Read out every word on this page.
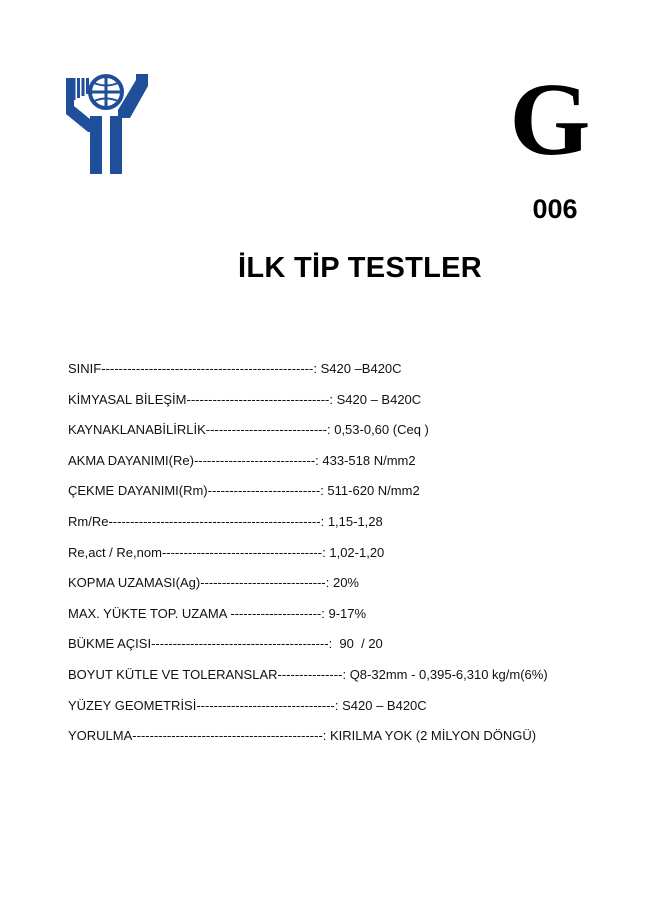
G
006
İLK TİP TESTLER
SINIF-------------------------------------------------: S420 –B420C
KİMYASAL BİLEŞİM---------------------------------: S420 – B420C
KAYNAKLANABİLİRLİK----------------------------: 0,53-0,60 (Ceq )
AKMA DAYANIMI(Re)----------------------------: 433-518 N/mm2
ÇEKME DAYANIMI(Rm)--------------------------: 511-620 N/mm2
Rm/Re-------------------------------------------------: 1,15-1,28
Re,act / Re,nom-------------------------------------: 1,02-1,20
KOPMA UZAMASI(Ag)-----------------------------: 20%
MAX. YÜKTE TOP. UZAMA ---------------------: 9-17%
BÜKME AÇISI-----------------------------------------:  90  / 20
BOYUT KÜTLE VE TOLERANSLAR---------------: Q8-32mm - 0,395-6,310 kg/m(6%)
YÜZEY GEOMETRİSİ--------------------------------: S420 – B420C
YORULMA--------------------------------------------: KIRILMA YOK (2 MİLYON DÖNGÜ)
